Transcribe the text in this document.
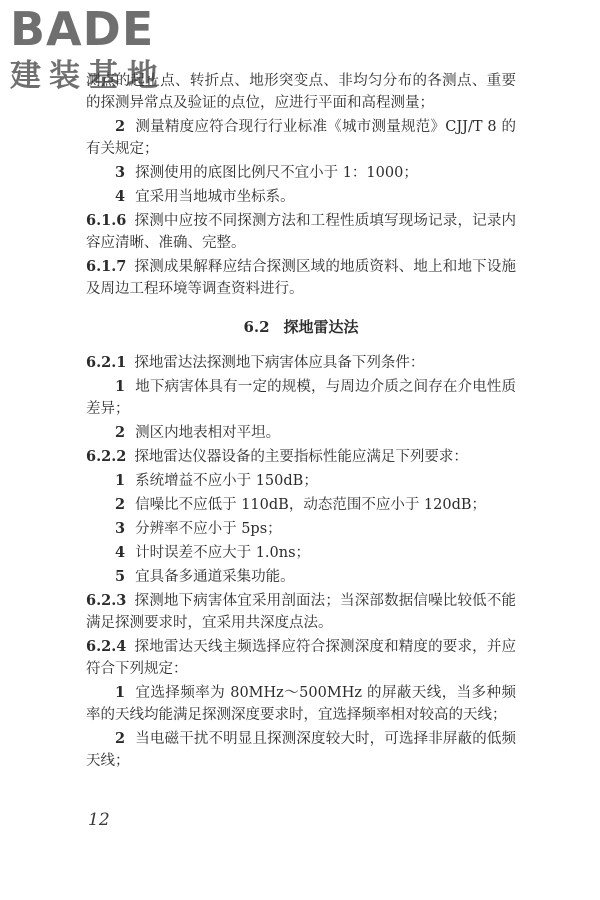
BADE
建装基地

测点的起止点、转折点、地形突变点、非均匀分布的各测点、重要的探测异常点及验证的点位，应进行平面和高程测量；

2 测量精度应符合现行行业标准《城市测量规范》CJJ/T 8 的有关规定；

3 探测使用的底图比例尺不宜小于 1：1000；

4 宜采用当地城市坐标系。

6.1.6 探测中应按不同探测方法和工程性质填写现场记录，记录内容应清晰、准确、完整。

6.1.7 探测成果解释应结合探测区域的地质资料、地上和地下设施及周边工程环境等调查资料进行。

6.2 探地雷达法

6.2.1 探地雷达法探测地下病害体应具备下列条件：

1 地下病害体具有一定的规模，与周边介质之间存在介电性质差异；

2 测区内地表相对平坦。

6.2.2 探地雷达仪器设备的主要指标性能应满足下列要求：

1 系统增益不应小于 150dB；

2 信噪比不应低于 110dB，动态范围不应小于 120dB；

3 分辨率不应小于 5ps；

4 计时误差不应大于 1.0ns；

5 宜具备多通道采集功能。

6.2.3 探测地下病害体宜采用剖面法；当深部数据信噪比较低不能满足探测要求时，宜采用共深度点法。

6.2.4 探地雷达天线主频选择应符合探测深度和精度的要求，并应符合下列规定：

1 宜选择频率为 80MHz～500MHz 的屏蔽天线，当多种频率的天线均能满足探测深度要求时，宜选择频率相对较高的天线；

2 当电磁干扰不明显且探测深度较大时，可选择非屏蔽的低频天线；

12
